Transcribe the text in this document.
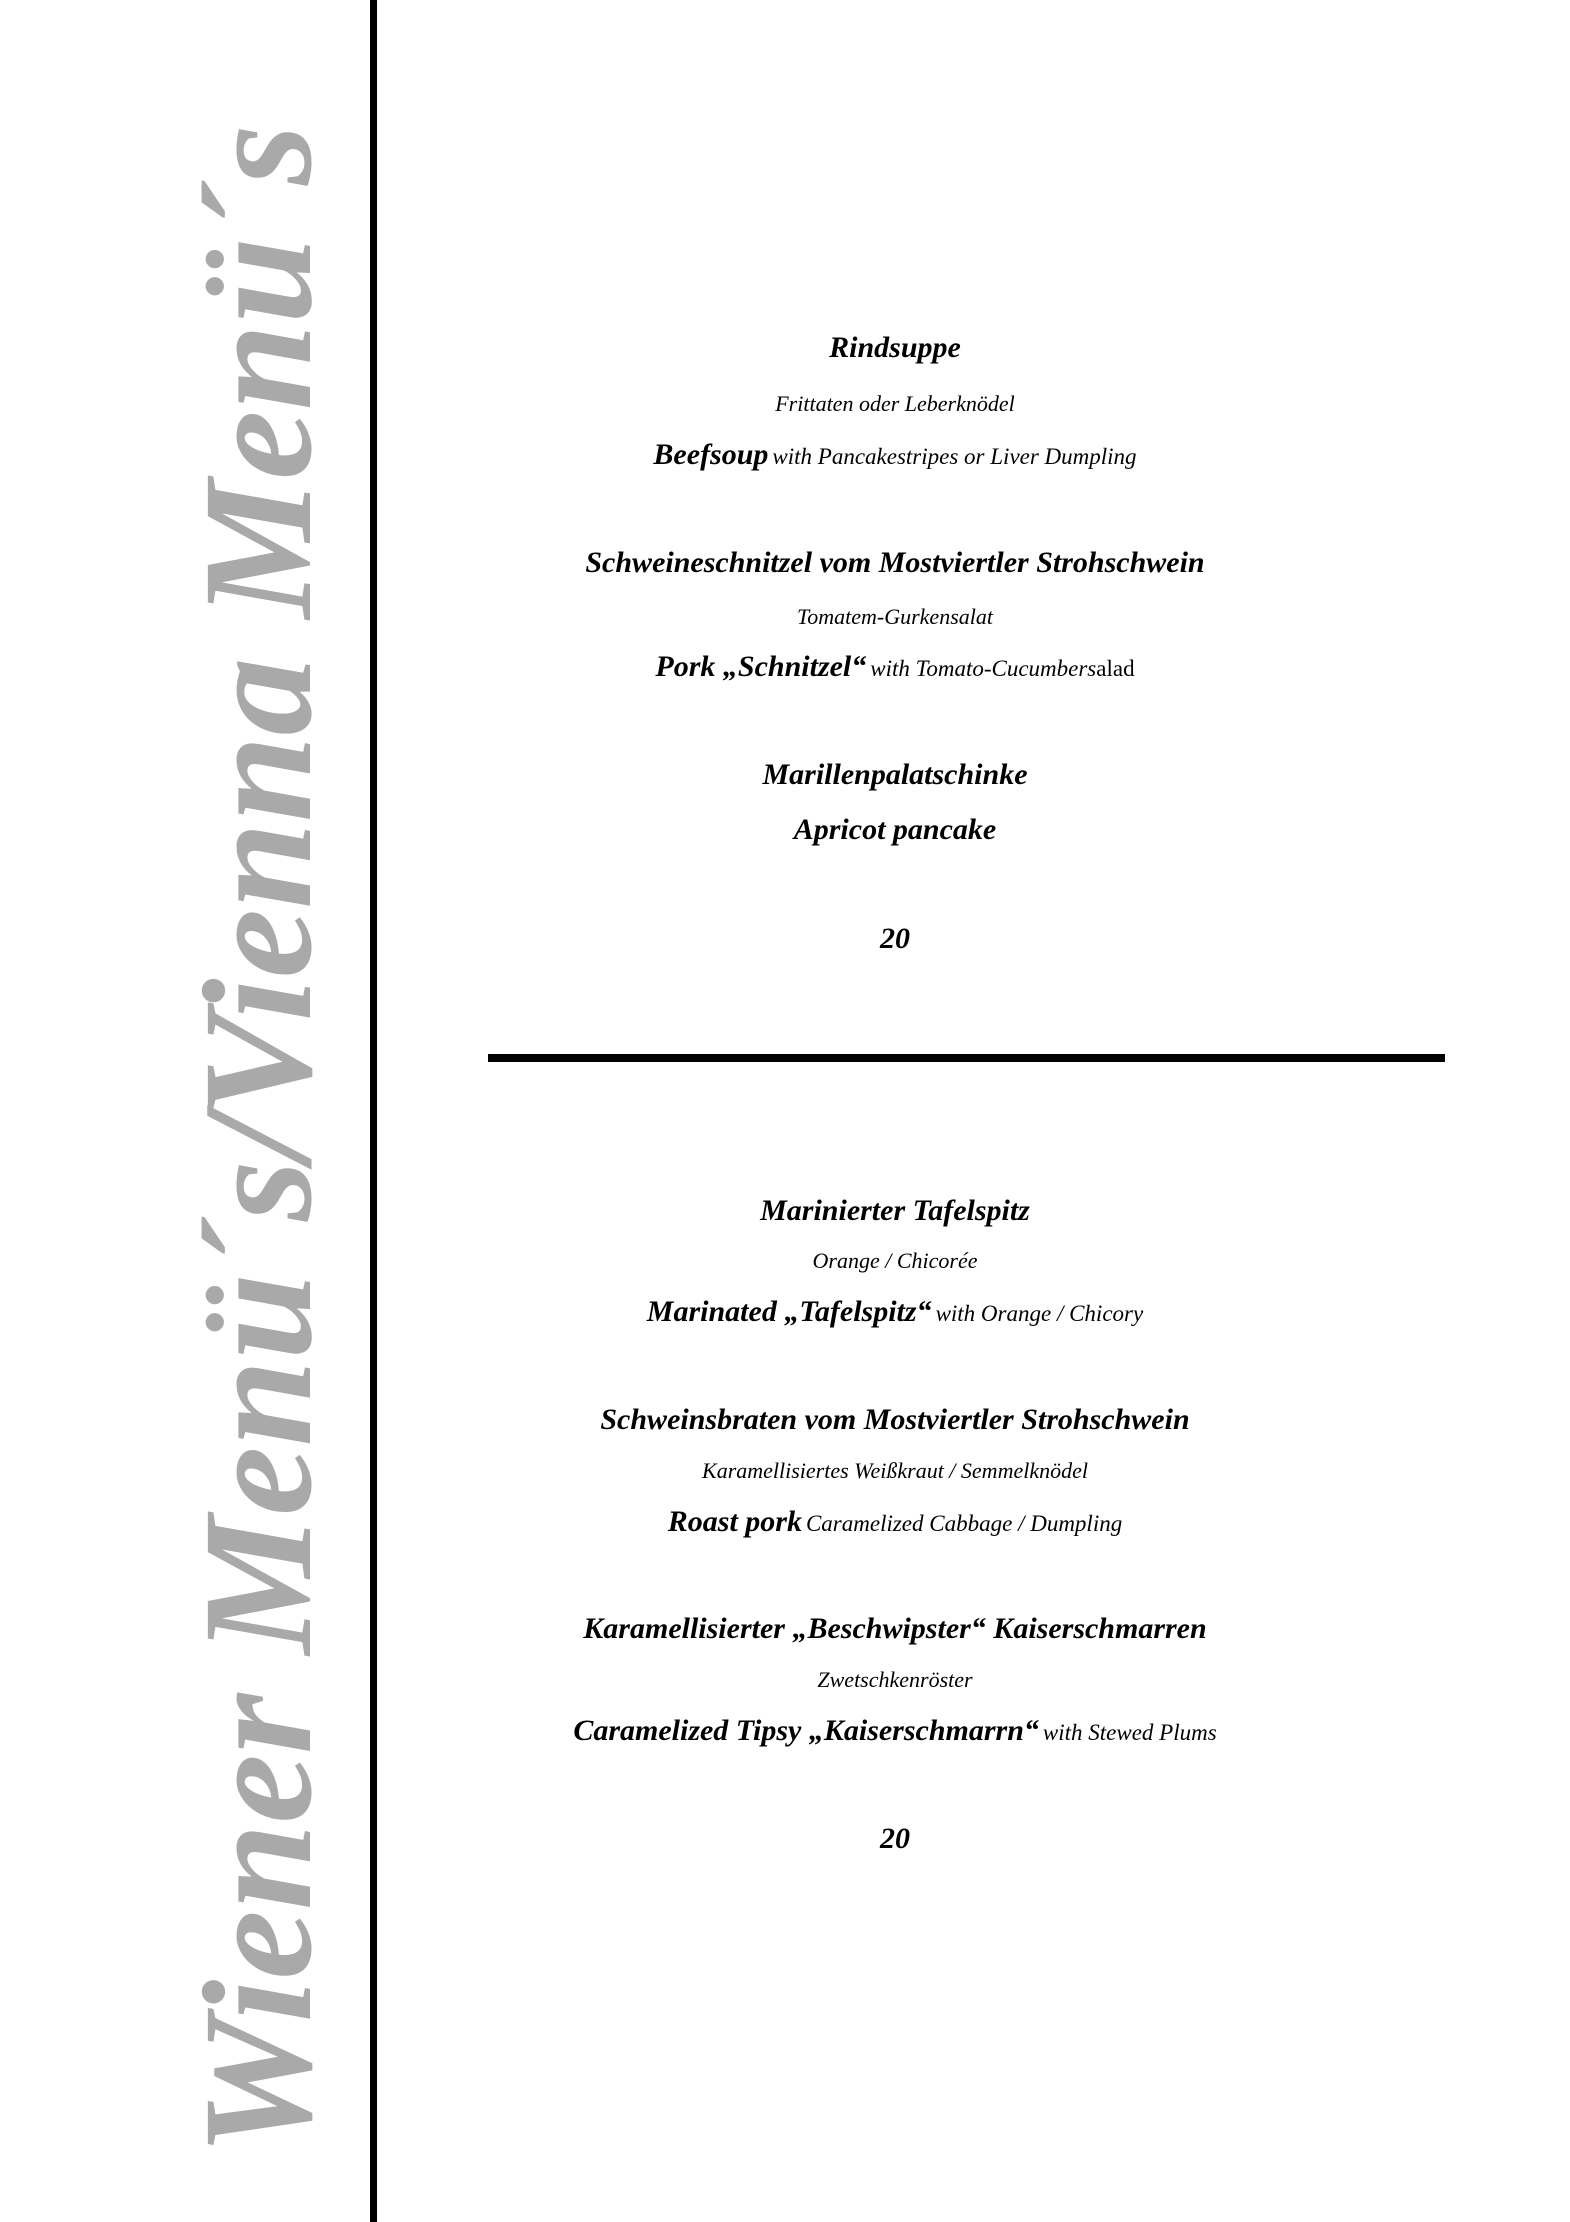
Wiener Menü´s/Vienna Menü´s	Rindsuppe
Frittaten oder Leberknödel
Beefsoup with Pancakestripes or Liver Dumpling
Schweineschnitzel vom Mostviertler Strohschwein
Tomatem-Gurkensalat
Pork „Schnitzel“ with Tomato-Cucumbersalad
Marillenpalatschinke
Apricot pancake
20
Marinierter Tafelspitz
Orange / Chicorée
Marinated „Tafelspitz“ with Orange / Chicory
Schweinsbraten vom Mostviertler Strohschwein
Karamellisiertes Weißkraut / Semmelknödel
Roast pork Caramelized Cabbage / Dumpling
Karamellisierter „Beschwipster“ Kaiserschmarren
Zwetschkenröster
Caramelized Tipsy „Kaiserschmarrn“ with Stewed Plums
20
